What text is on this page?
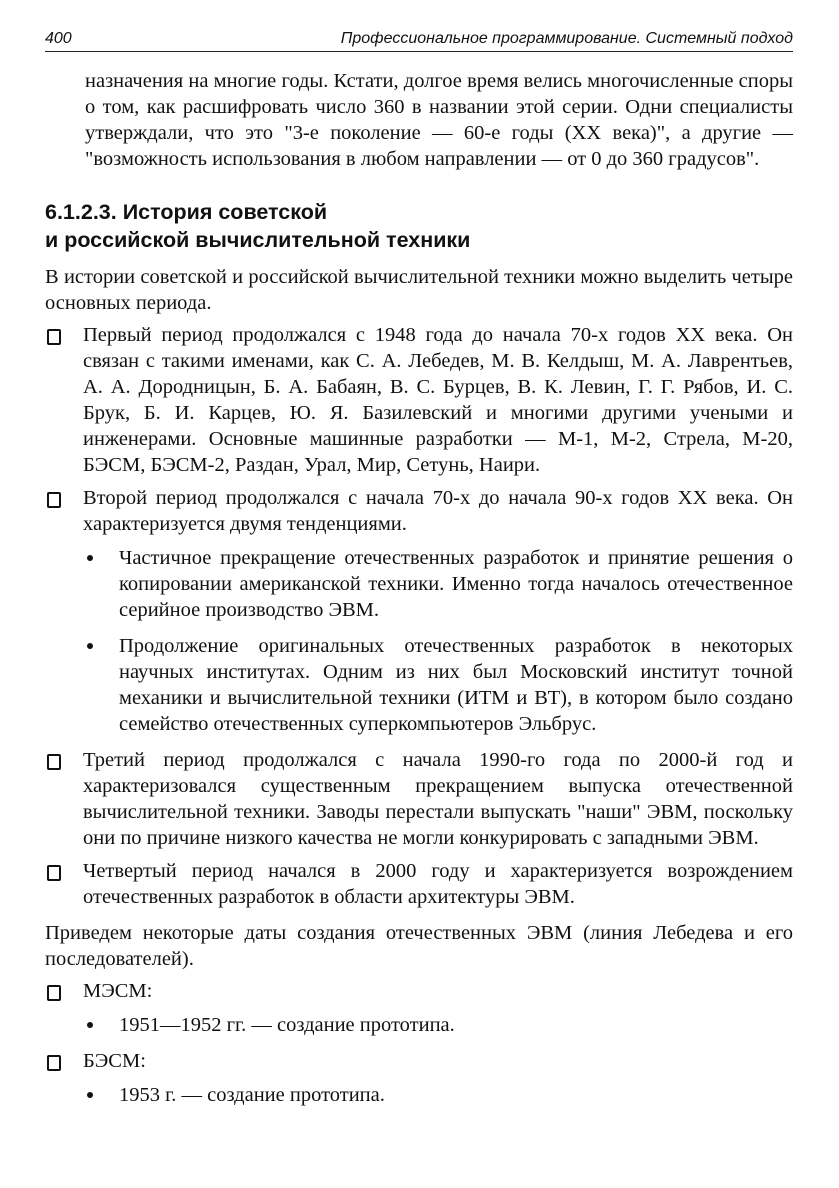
400	Профессиональное программирование. Системный подход
назначения на многие годы. Кстати, долгое время велись многочисленные споры о том, как расшифровать число 360 в названии этой серии. Одни специалисты утверждали, что это "3-е поколение — 60-е годы (XX века)", а другие — "возможность использования в любом направлении — от 0 до 360 градусов".
6.1.2.3. История советской
и российской вычислительной техники
В истории советской и российской вычислительной техники можно выделить четыре основных периода.
Первый период продолжался с 1948 года до начала 70-х годов XX века. Он связан с такими именами, как С. А. Лебедев, М. В. Келдыш, М. А. Лаврентьев, А. А. Дородницын, Б. А. Бабаян, В. С. Бурцев, В. К. Левин, Г. Г. Рябов, И. С. Брук, Б. И. Карцев, Ю. Я. Базилевский и многими другими учеными и инженерами. Основные машинные разработки — М-1, М-2, Стрела, М-20, БЭСМ, БЭСМ-2, Раздан, Урал, Мир, Сетунь, Наири.
Второй период продолжался с начала 70-х до начала 90-х годов XX века. Он характеризуется двумя тенденциями.
Частичное прекращение отечественных разработок и принятие решения о копировании американской техники. Именно тогда началось отечественное серийное производство ЭВМ.
Продолжение оригинальных отечественных разработок в некоторых научных институтах. Одним из них был Московский институт точной механики и вычислительной техники (ИТМ и ВТ), в котором было создано семейство отечественных суперкомпьютеров Эльбрус.
Третий период продолжался с начала 1990-го года по 2000-й год и характеризовался существенным прекращением выпуска отечественной вычислительной техники. Заводы перестали выпускать "наши" ЭВМ, поскольку они по причине низкого качества не могли конкурировать с западными ЭВМ.
Четвертый период начался в 2000 году и характеризуется возрождением отечественных разработок в области архитектуры ЭВМ.
Приведем некоторые даты создания отечественных ЭВМ (линия Лебедева и его последователей).
МЭСМ:
1951—1952 гг. — создание прототипа.
БЭСМ:
1953 г. — создание прототипа.
